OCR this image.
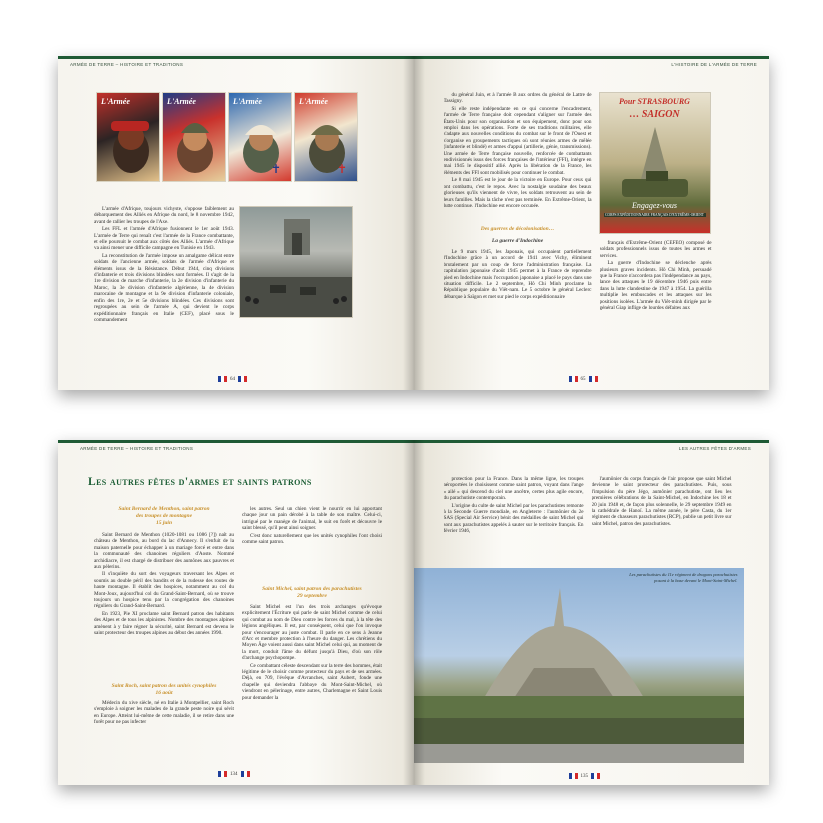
ARMÉE DE TERRE – HISTOIRE ET TRADITIONS
L'Armée	L'Armée	L'Armée
✝
L'Armée
✝

L'armée d'Afrique, toujours vichyste, s'oppose faiblement au débarquement des Alliés en Afrique du nord, le 8 novembre 1942, avant de rallier les troupes de l'Axe.

Les FFL et l'armée d'Afrique fusionnent le 1er août 1943. L'armée de Terre qui renaît c'est l'armée de la France combattante, et elle poursuit le combat aux côtés des Alliés. L'armée d'Afrique va ainsi mener une difficile campagne en Tunisie en 1943.

La reconstitution de l'armée impose un amalgame délicat entre soldats de l'ancienne armée, soldats de l'armée d'Afrique et éléments issus de la Résistance. Début 1944, cinq divisions d'infanterie et trois divisions blindées sont formées. Il s'agit de la 1re division de marche d'infanterie, la 2e division d'infanterie du Maroc, la 3e division d'infanterie algérienne, la 4e division marocaine de montagne et la 9e division d'infanterie coloniale, enfin des 1re, 2e et 5e divisions blindées. Ces divisions sont regroupées au sein de l'armée A, qui devient le corps expéditionnaire français en Italie (CEF), placé sous le commandement

64
L'HISTOIRE DE L'ARMÉE DE TERRE

du général Juin, et à l'armée B aux ordres du général de Lattre de Tassigny.

Si elle reste indépendante en ce qui concerne l'encadrement, l'armée de Terre française doit cependant s'aligner sur l'armée des États-Unis pour son organisation et son équipement, donc pour son emploi dans les opérations. Forte de ses traditions militaires, elle s'adapte aux nouvelles conditions du combat sur le front de l'Ouest et s'organise en groupements tactiques où sont réunies armes de mêlée (infanterie et blindé) et armes d'appui (artillerie, génie, transmissions). Une armée de Terre française nouvelle, renforcée de combattants endivisionnés issus des forces françaises de l'intérieur (FFI), intègre en mai 1945 le dispositif allié. Après la libération de la France, les éléments des FFI sont mobilisés pour continuer le combat.

Le 8 mai 1945 est le jour de la victoire en Europe. Pour ceux qui ont combattu, c'est le repos. Avec la nostalgie soudaine des beaux glorieuses qu'ils viennent de vivre, les soldats retrouvent au sein de leurs familles. Mais la tâche n'est pas terminée. En Extrême-Orient, la lutte continue, l'Indochine est encore occupée.

Des guerres de décolonisation…
La guerre d'Indochine

Le 9 mars 1945, les Japonais, qui occupaient partiellement l'Indochine grâce à un accord de 1941 avec Vichy, éliminent brutalement par un coup de force l'administration française. La capitulation japonaise d'août 1945 permet à la France de reprendre pied en Indochine mais l'occupation japonaise a placé le pays dans une situation difficile. Le 2 septembre, Hô Chi Minh proclame la République populaire du Viêt-nam. Le 5 octobre le général Leclerc débarque à Saïgon et met sur pied le corps expéditionnaire

Pour STRASBOURG
… SAIGON
Engagez-vous
CORPS EXPÉDITIONNAIRE FRANÇAIS D'EXTRÊME-ORIENT

français d'Extrême-Orient (CEFEO) composé de soldats professionnels issus de toutes les armes et services.

La guerre d'Indochine se déclenche après plusieurs graves incidents. Hô Chi Minh, persuadé que la France n'accordera pas l'indépendance au pays, lance des attaques le 19 décembre 1946 puis entre dans la lutte clandestine de 1947 à 1954. La guérilla multiplie les embuscades et les attaques sur les positions isolées. L'armée du Viêt-minh dirigée par le général Giap inflige de lourdes défaites aux

65
ARMÉE DE TERRE – HISTOIRE ET TRADITIONS
Les autres fêtes d'armes et saints patrons
Saint Bernard de Menthon, saint patron
des troupes de montagne
15 juin

Saint Bernard de Menthon (1020-1081 ou 1086 [?]) naît au château de Menthon, au bord du lac d'Annecy. Il s'enfuit de la maison paternelle pour échapper à un mariage forcé et entre dans la communauté des chanoines réguliers d'Aoste. Nommé archidiacre, il est chargé de distribuer des aumônes aux pauvres et aux pèlerins.

Il s'inquiète du sort des voyageurs traversant les Alpes et soumis au double péril des bandits et de la rudesse des routes de haute montagne. Il établit des hospices, notamment au col du Mont-Joux, aujourd'hui col du Grand-Saint-Bernard, où se trouve toujours un hospice tenu par la congrégation des chanoines réguliers du Grand-Saint-Bernard.

En 1923, Pie XI proclame saint Bernard patron des habitants des Alpes et de tous les alpinistes. Nombre des montagnes alpines amènent à y faire régner la sécurité, saint Bernard est devenu le saint protecteur des troupes alpines au début des années 1990.

Saint Roch, saint patron des unités cynophiles
16 août

Médecin du xive siècle, né en Italie à Montpellier, saint Roch s'emploie à soigner les malades de la grande peste noire qui sévit en Europe. Atteint lui-même de cette maladie, il se retire dans une forêt pour ne pas infecter

les autres. Seul un chien vient le nourrir en lui apportant chaque jour un pain dérobé à la table de son maître. Celui-ci, intrigué par le manège de l'animal, le suit en forêt et découvre le saint blessé, qu'il peut ainsi soigner.

C'est donc naturellement que les unités cynophiles l'ont choisi comme saint patron.

Saint Michel, saint patron des parachutistes
29 septembre

Saint Michel est l'un des trois archanges qu'évoque explicitement l'Écriture qui parle de saint Michel comme de celui qui combat au nom de Dieu contre les forces du mal, à la tête des légions angéliques. Il est, par conséquent, celui que l'on invoque pour s'encourager au juste combat. Il parle en ce sens à Jeanne d'Arc et membre protection à l'heure du danger. Les chrétiens du Moyen Âge voient aussi dans saint Michel celui qui, au moment de la mort, conduit l'âme du défunt jusqu'à Dieu, d'où son rôle d'archange psychopompe.

Ce combattant céleste descendant sur la terre des hommes, était légitime de le choisir comme protecteur du pays et de ses armées. Déjà, en 709, l'évêque d'Avranches, saint Aubert, fonde une chapelle qui deviendra l'abbaye du Mont-Saint-Michel, où viendront en pèlerinage, entre autres, Charlemagne et Saint Louis pour demander la

134
LES AUTRES FÊTES D'ARMES

protection pour la France. Dans la même ligne, les troupes aéroportées le choisissent comme saint patron, voyant dans l'ange « ailé » qui descend du ciel une ancêtre, certes plus agile encore, du parachutiste contemporain.

L'origine du culte de saint Michel par les parachutistes remonte à la Seconde Guerre mondiale, en Angleterre : l'aumônier du 2e SAS (Special Air Service) bénit des médailles de saint Michel qui sont aux parachutistes appelés à sauter sur le territoire français. En février 1946,

l'aumônier du corps français de l'air propose que saint Michel devienne le saint protecteur des parachutistes. Puis, sous l'impulsion du père Jégo, aumônier parachutiste, ont lieu les premières célébrations de la Saint-Michel, en Indochine les 18 et 20 juin 1948 et, de façon plus solennelle, le 29 septembre 1949 en la cathédrale de Hanoï. La même année, le père Casta, du 1er régiment de chasseurs parachutistes (RCP), publie un petit livre sur saint Michel, patron des parachutistes.

Les parachutistes du 11e régiment de dragons parachutistes posant à la base devant le Mont-Saint-Michel.
135
